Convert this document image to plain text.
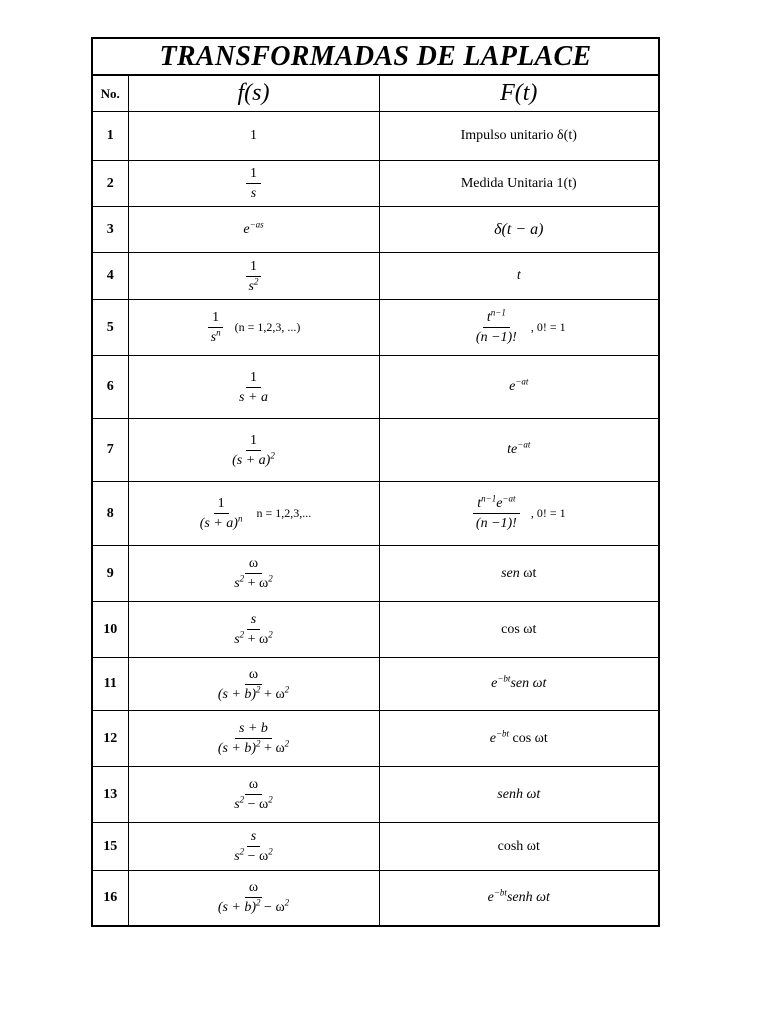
TRANSFORMADAS DE LAPLACE		
No.	f(s)	F(t)
1	1	Impulso unitario δ(t)
2	$\frac{1}{s}$	Medida Unitaria 1(t)
3	$e^{-as}$	δ(t − a)
4	$\frac{1}{s^2}$	t
5	$\frac{1}{s^n} (n = 1,2,3$, ...)	$\frac{t^{n-1}}{(n -1)!}$ , 0! = 1
6	$\frac{1}{s + a}$	$e^{-at}$
7	$\frac{1}{(s + a)^2}$	$te^{-at}$
8	$\frac{1}{(s + a)^n}$ n = 1,2,3,...	$\frac{t^{n-1}e^{-at}}{(n -1)!}$ , 0! = 1
9	$\frac{\omega}{s^2 + \omega^2}$	sen ωt
10	$\frac{s}{s^2 + \omega^2}$	cos ωt
11	$\frac{\omega}{(s + b)^2 + \omega^2}$	$e^{-bt}sen$ ωt
12	$\frac{s + b}{(s + b)^2 + \omega^2}$	$e^{-bt}$ cos ωt
13	$\frac{\omega}{s^2 - \omega^2}$	senh ωt
15	$\frac{s}{s^2 - \omega^2}$	cosh ωt
16	$\frac{\omega}{(s + b)^2 - \omega^2}$	$e^{-bt}senh$ ωt
